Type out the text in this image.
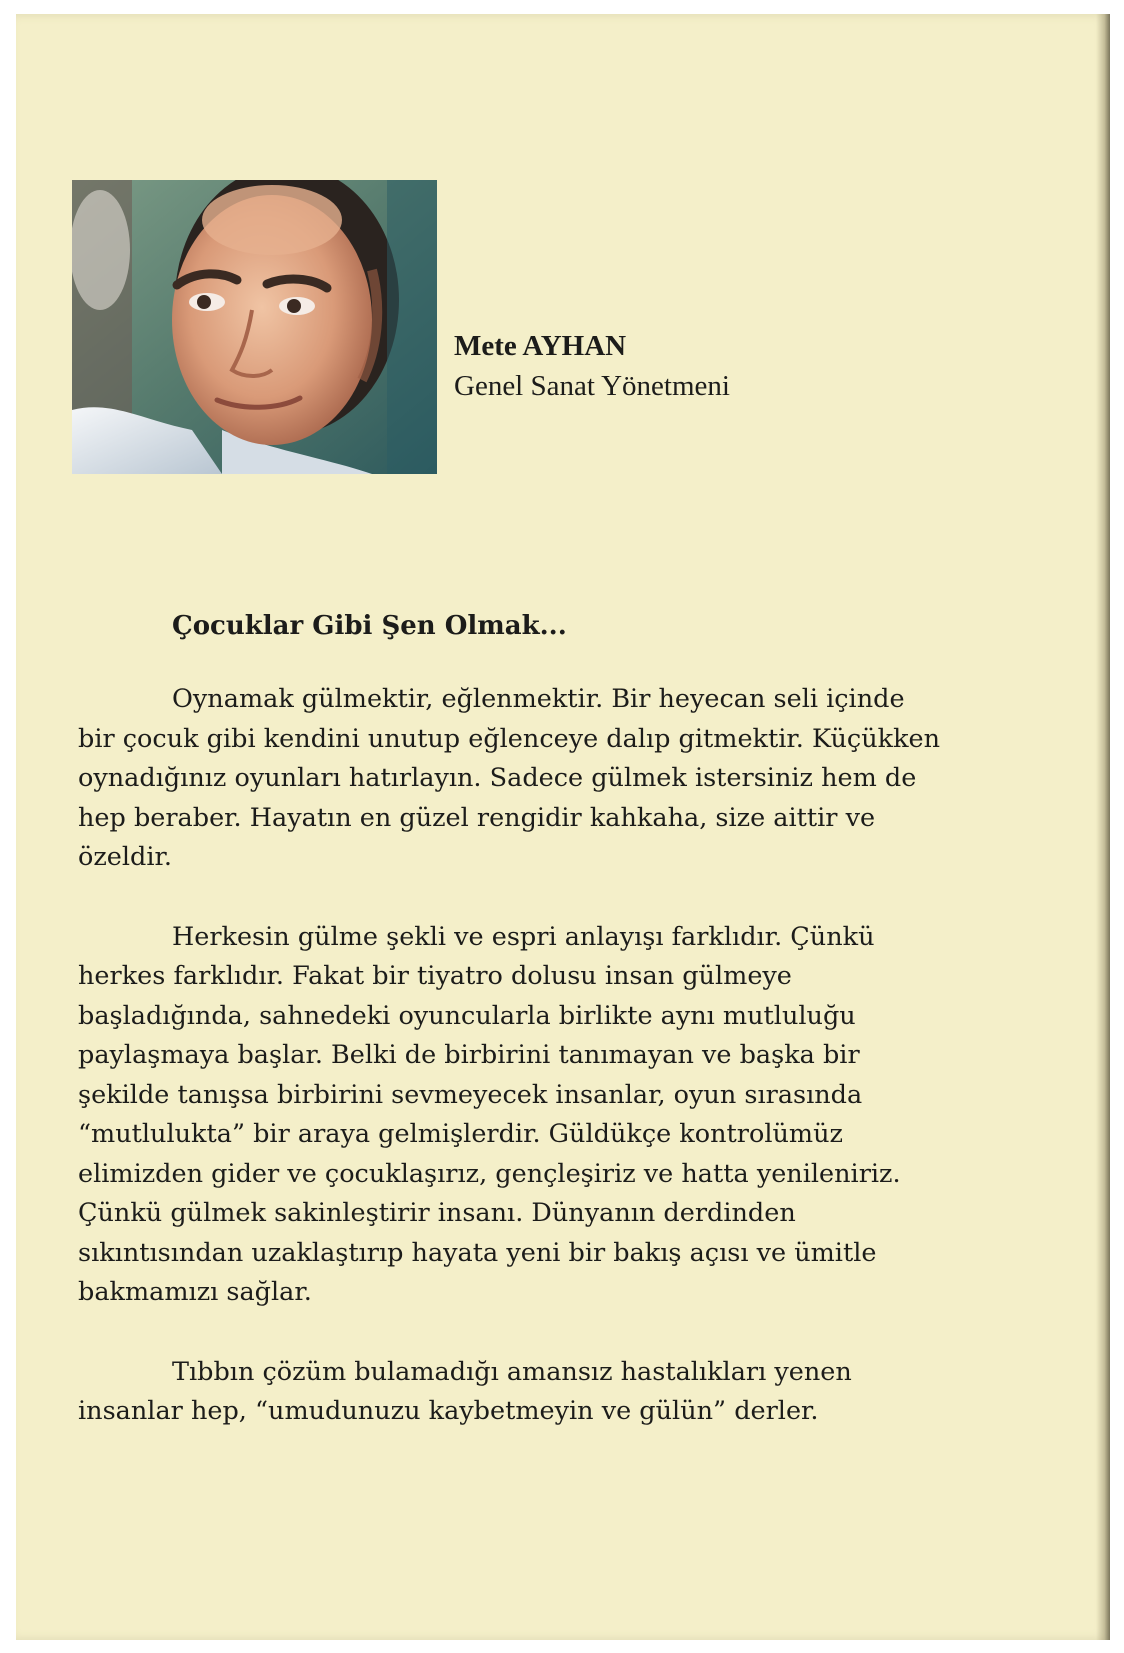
Mete AYHAN
Genel Sanat Yönetmeni
Çocuklar Gibi Şen Olmak...
Oynamak gülmektir, eğlenmektir. Bir heyecan seli içinde
bir çocuk gibi kendini unutup eğlenceye dalıp gitmektir. Küçükken
oynadığınız oyunları hatırlayın. Sadece gülmek istersiniz hem de
hep beraber. Hayatın en güzel rengidir kahkaha, size aittir ve
özeldir.
Herkesin gülme şekli ve espri anlayışı farklıdır. Çünkü
herkes farklıdır. Fakat bir tiyatro dolusu insan gülmeye
başladığında, sahnedeki oyuncularla birlikte aynı mutluluğu
paylaşmaya başlar. Belki de birbirini tanımayan ve başka bir
şekilde tanışsa birbirini sevmeyecek insanlar, oyun sırasında
“mutlulukta” bir araya gelmişlerdir. Güldükçe kontrolümüz
elimizden gider ve çocuklaşırız, gençleşiriz ve hatta yenileniriz.
Çünkü gülmek sakinleştirir insanı. Dünyanın derdinden
sıkıntısından uzaklaştırıp hayata yeni bir bakış açısı ve ümitle
bakmamızı sağlar.
Tıbbın çözüm bulamadığı amansız hastalıkları yenen
insanlar hep, “umudunuzu kaybetmeyin ve gülün” derler.
